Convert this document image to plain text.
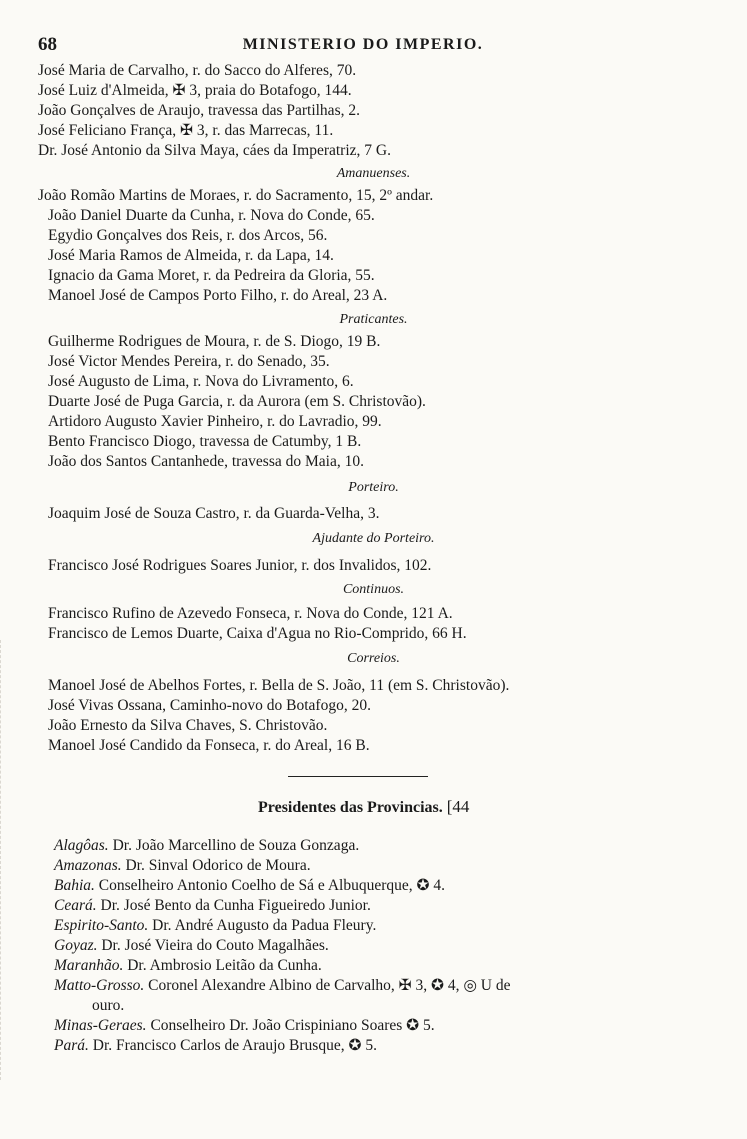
68	MINISTERIO DO IMPERIO.
José Maria de Carvalho, r. do Sacco do Alferes, 70.
José Luiz d'Almeida, ✠ 3, praia do Botafogo, 144.
João Gonçalves de Araujo, travessa das Partilhas, 2.
José Feliciano França, ✠ 3, r. das Marrecas, 11.
Dr. José Antonio da Silva Maya, cáes da Imperatriz, 7 G.
Amanuenses.
João Romão Martins de Moraes, r. do Sacramento, 15, 2º andar.
João Daniel Duarte da Cunha, r. Nova do Conde, 65.
Egydio Gonçalves dos Reis, r. dos Arcos, 56.
José Maria Ramos de Almeida, r. da Lapa, 14.
Ignacio da Gama Moret, r. da Pedreira da Gloria, 55.
Manoel José de Campos Porto Filho, r. do Areal, 23 A.
Praticantes.
Guilherme Rodrigues de Moura, r. de S. Diogo, 19 B.
José Victor Mendes Pereira, r. do Senado, 35.
José Augusto de Lima, r. Nova do Livramento, 6.
Duarte José de Puga Garcia, r. da Aurora (em S. Christovão).
Artidoro Augusto Xavier Pinheiro, r. do Lavradio, 99.
Bento Francisco Diogo, travessa de Catumby, 1 B.
João dos Santos Cantanhede, travessa do Maia, 10.
Porteiro.
Joaquim José de Souza Castro, r. da Guarda-Velha, 3.
Ajudante do Porteiro.
Francisco José Rodrigues Soares Junior, r. dos Invalidos, 102.
Continuos.
Francisco Rufino de Azevedo Fonseca, r. Nova do Conde, 121 A.
Francisco de Lemos Duarte, Caixa d'Agua no Rio-Comprido, 66 H.
Correios.
Manoel José de Abelhos Fortes, r. Bella de S. João, 11 (em S. Christovão).
José Vivas Ossana, Caminho-novo do Botafogo, 20.
João Ernesto da Silva Chaves, S. Christovão.
Manoel José Candido da Fonseca, r. do Areal, 16 B.
Presidentes das Provincias. [44
Alagôas. Dr. João Marcellino de Souza Gonzaga.
Amazonas. Dr. Sinval Odorico de Moura.
Bahia. Conselheiro Antonio Coelho de Sá e Albuquerque, ✪ 4.
Ceará. Dr. José Bento da Cunha Figueiredo Junior.
Espirito-Santo. Dr. André Augusto da Padua Fleury.
Goyaz. Dr. José Vieira do Couto Magalhães.
Maranhão. Dr. Ambrosio Leitão da Cunha.
Matto-Grosso. Coronel Alexandre Albino de Carvalho, ✠ 3, ✪ 4, ◎ U de
ouro.
Minas-Geraes. Conselheiro Dr. João Crispiniano Soares ✪ 5.
Pará. Dr. Francisco Carlos de Araujo Brusque, ✪ 5.
